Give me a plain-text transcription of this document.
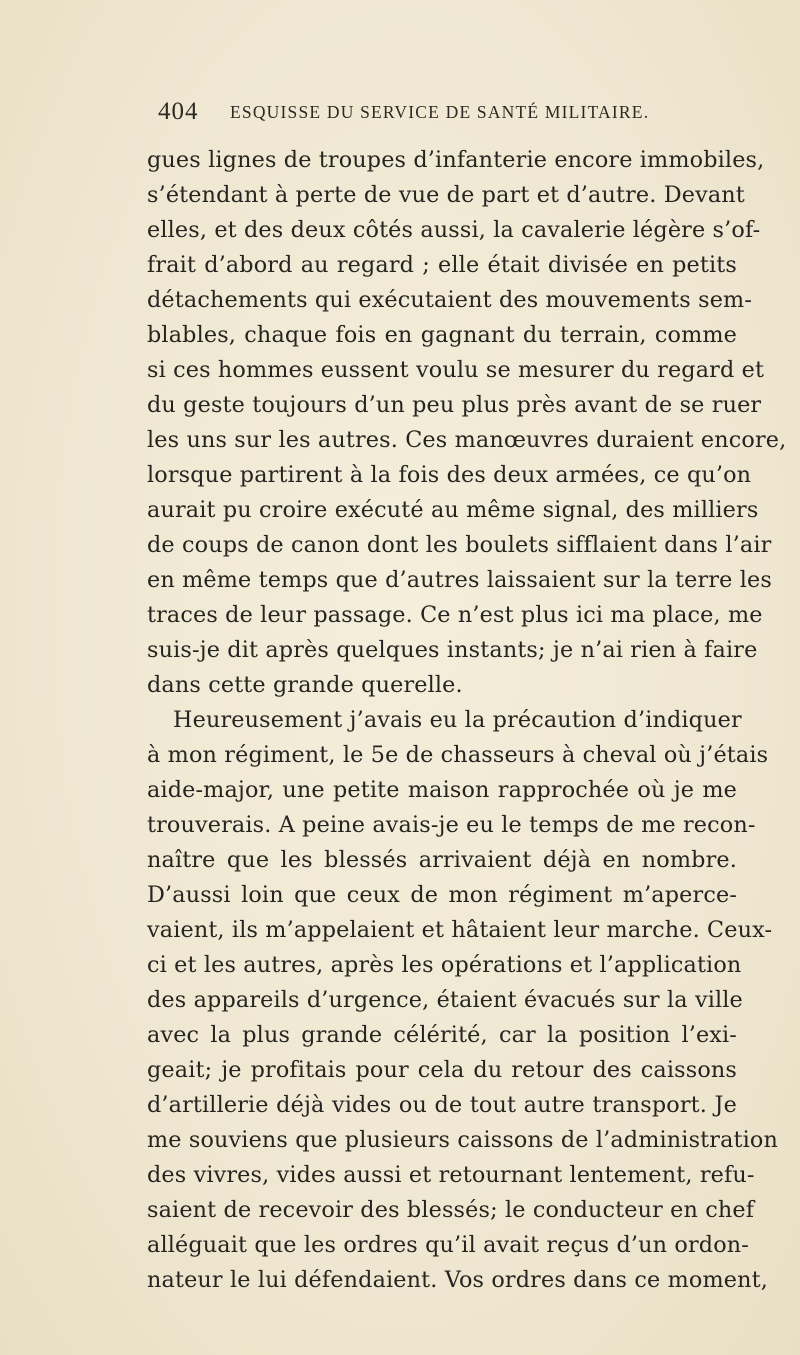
404 ESQUISSE DU SERVICE DE SANTÉ MILITAIRE.
gues lignes de troupes d’infanterie encore immobiles,
s’étendant à perte de vue de part et d’autre. Devant
elles, et des deux côtés aussi, la cavalerie légère s’of-
frait d’abord au regard ; elle était divisée en petits
détachements qui exécutaient des mouvements sem-
blables, chaque fois en gagnant du terrain, comme
si ces hommes eussent voulu se mesurer du regard et
du geste toujours d’un peu plus près avant de se ruer
les uns sur les autres. Ces manœuvres duraient encore,
lorsque partirent à la fois des deux armées, ce qu’on
aurait pu croire exécuté au même signal, des milliers
de coups de canon dont les boulets sifflaient dans l’air
en même temps que d’autres laissaient sur la terre les
traces de leur passage. Ce n’est plus ici ma place, me
suis-je dit après quelques instants; je n’ai rien à faire
dans cette grande querelle.
Heureusement j’avais eu la précaution d’indiquer
à mon régiment, le 5e de chasseurs à cheval où j’étais
aide-major, une petite maison rapprochée où je me
trouverais. A peine avais-je eu le temps de me recon-
naître que les blessés arrivaient déjà en nombre.
D’aussi loin que ceux de mon régiment m’aperce-
vaient, ils m’appelaient et hâtaient leur marche. Ceux-
ci et les autres, après les opérations et l’application
des appareils d’urgence, étaient évacués sur la ville
avec la plus grande célérité, car la position l’exi-
geait; je profitais pour cela du retour des caissons
d’artillerie déjà vides ou de tout autre transport. Je
me souviens que plusieurs caissons de l’administration
des vivres, vides aussi et retournant lentement, refu-
saient de recevoir des blessés; le conducteur en chef
alléguait que les ordres qu’il avait reçus d’un ordon-
nateur le lui défendaient. Vos ordres dans ce moment,
